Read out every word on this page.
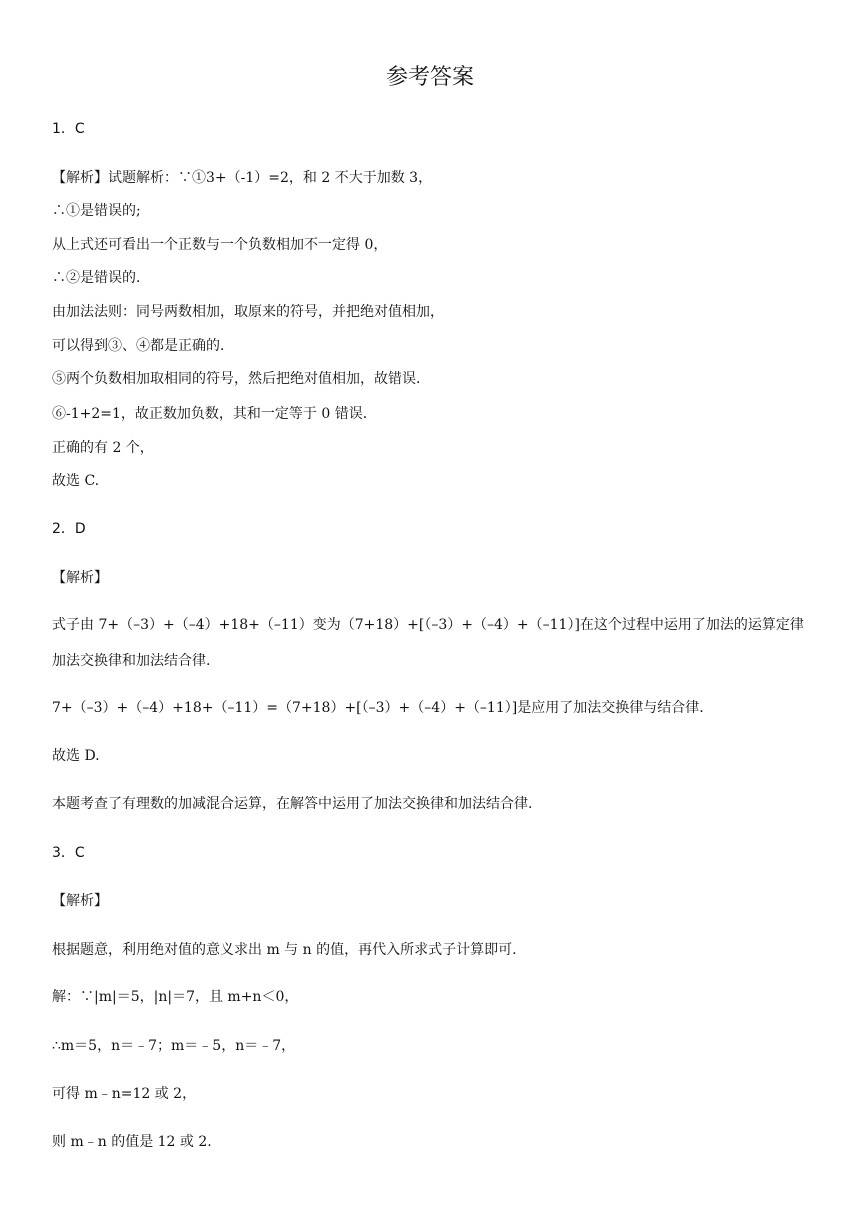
参考答案
1．C
【解析】试题解析：∵①3+（-1）=2，和 2 不大于加数 3，
∴①是错误的;
从上式还可看出一个正数与一个负数相加不一定得 0，
∴②是错误的．
由加法法则：同号两数相加，取原来的符号，并把绝对值相加，
可以得到③、④都是正确的．
⑤两个负数相加取相同的符号，然后把绝对值相加，故错误．
⑥-1+2=1，故正数加负数，其和一定等于 0 错误．
正确的有 2 个，
故选 C.
2．D
【解析】
式子由 7+（–3）+（–4）+18+（–11）变为（7+18）+[（–3）+（–4）+（–11）]在这个过程中运用了加法的运算定律加法交换律和加法结合律.
7+（–3）+（–4）+18+（–11）=（7+18）+[（–3）+（–4）+（–11）]是应用了加法交换律与结合律.
故选 D.
本题考查了有理数的加减混合运算，在解答中运用了加法交换律和加法结合律.
3．C
【解析】
根据题意，利用绝对值的意义求出 m 与 n 的值，再代入所求式子计算即可.
解：∵|m|＝5，|n|＝7，且 m+n＜0，
∴m＝5，n＝﹣7；m＝﹣5，n＝﹣7，
可得 m﹣n=12 或 2，
则 m﹣n 的值是 12 或 2.
